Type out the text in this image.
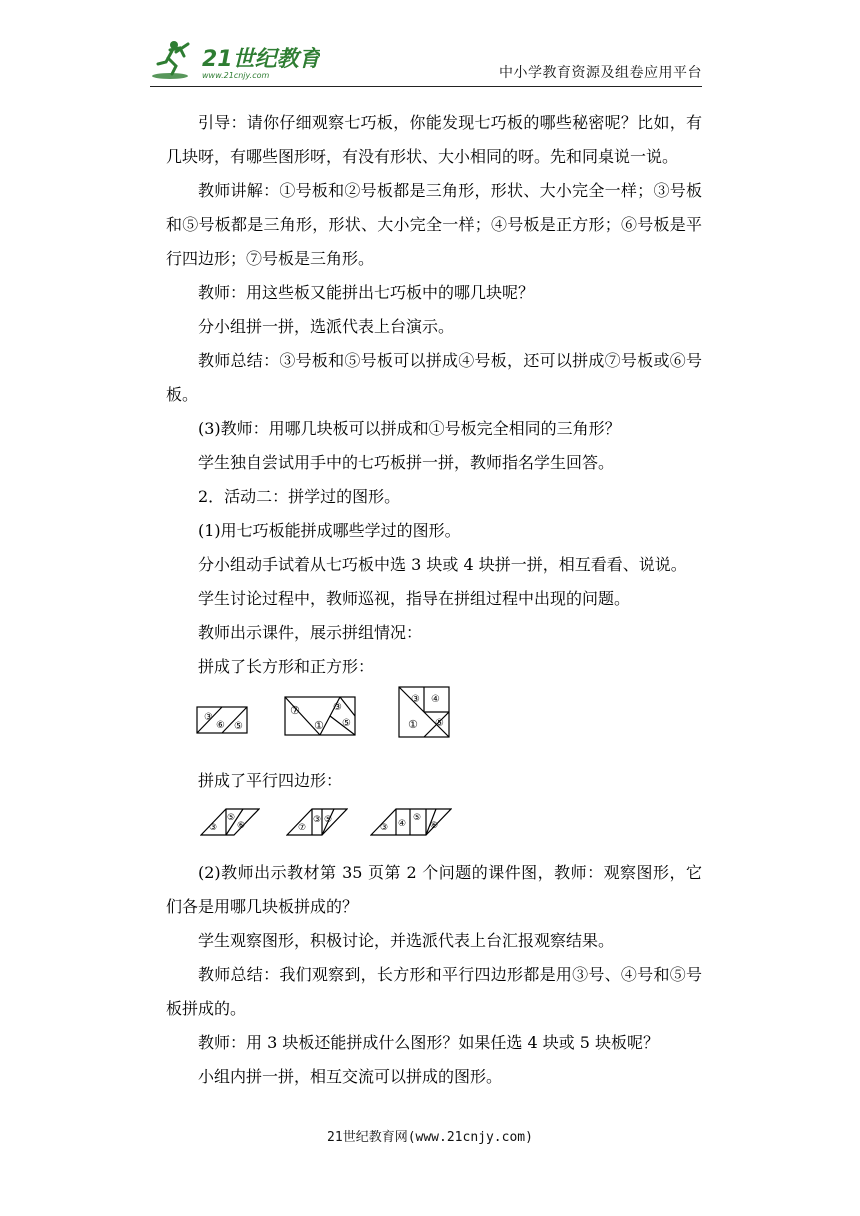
21世纪教育
www.21cnjy.com	中小学教育资源及组卷应用平台

引导：请你仔细观察七巧板，你能发现七巧板的哪些秘密呢？比如，有几块呀，有哪些图形呀，有没有形状、大小相同的呀。先和同桌说一说。

教师讲解：①号板和②号板都是三角形，形状、大小完全一样；③号板和⑤号板都是三角形，形状、大小完全一样；④号板是正方形；⑥号板是平行四边形；⑦号板是三角形。

教师：用这些板又能拼出七巧板中的哪几块呢？

分小组拼一拼，选派代表上台演示。

教师总结：③号板和⑤号板可以拼成④号板，还可以拼成⑦号板或⑥号板。

(3)教师：用哪几块板可以拼成和①号板完全相同的三角形？

学生独自尝试用手中的七巧板拼一拼，教师指名学生回答。

2．活动二：拼学过的图形。

(1)用七巧板能拼成哪些学过的图形。

分小组动手试着从七巧板中选 3 块或 4 块拼一拼，相互看看、说说。

学生讨论过程中，教师巡视，指导在拼组过程中出现的问题。

教师出示课件，展示拼组情况：

拼成了长方形和正方形：

③
⑥ ⑤
⑦	③
① ⑤
③ ④
① ⑤

拼成了平行四边形：

③
⑤
⑥	⑦
③ ⑤
③ ④
⑤
⑥

(2)教师出示教材第 35 页第 2 个问题的课件图，教师：观察图形，它们各是用哪几块板拼成的？

学生观察图形，积极讨论，并选派代表上台汇报观察结果。

教师总结：我们观察到，长方形和平行四边形都是用③号、④号和⑤号板拼成的。

教师：用 3 块板还能拼成什么图形？如果任选 4 块或 5 块板呢？

小组内拼一拼，相互交流可以拼成的图形。

21世纪教育网(www.21cnjy.com)
